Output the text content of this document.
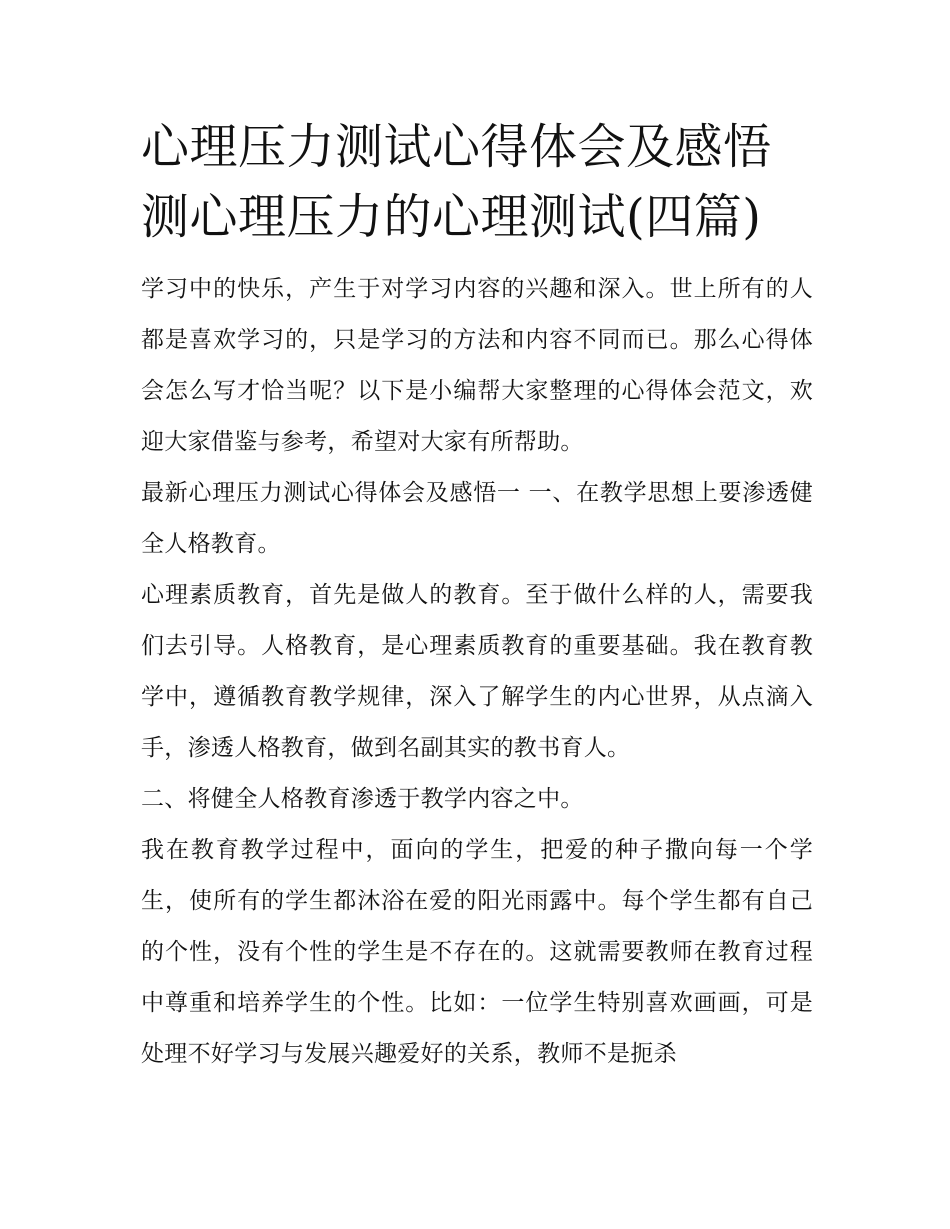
心理压力测试心得体会及感悟测心理压力的心理测试(四篇)

学习中的快乐，产生于对学习内容的兴趣和深入。世上所有的人都是喜欢学习的，只是学习的方法和内容不同而已。那么心得体会怎么写才恰当呢？以下是小编帮大家整理的心得体会范文，欢迎大家借鉴与参考，希望对大家有所帮助。

最新心理压力测试心得体会及感悟一 一、在教学思想上要渗透健全人格教育。

心理素质教育，首先是做人的教育。至于做什么样的人，需要我们去引导。人格教育，是心理素质教育的重要基础。我在教育教学中，遵循教育教学规律，深入了解学生的内心世界，从点滴入手，渗透人格教育，做到名副其实的教书育人。

二、将健全人格教育渗透于教学内容之中。

我在教育教学过程中，面向的学生，把爱的种子撒向每一个学生，使所有的学生都沐浴在爱的阳光雨露中。每个学生都有自己的个性，没有个性的学生是不存在的。这就需要教师在教育过程中尊重和培养学生的个性。比如：一位学生特别喜欢画画，可是处理不好学习与发展兴趣爱好的关系，教师不是扼杀
